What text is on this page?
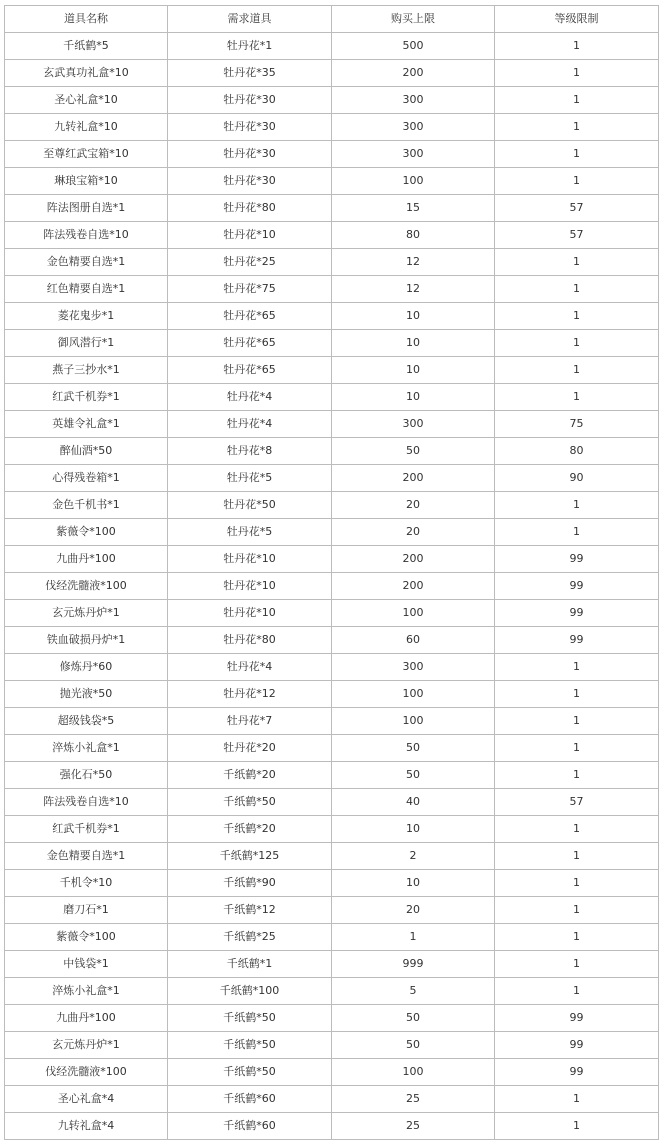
道具名称	需求道具	购买上限	等级限制
千纸鹤*5	牡丹花*1	500	1
玄武真功礼盒*10	牡丹花*35	200	1
圣心礼盒*10	牡丹花*30	300	1
九转礼盒*10	牡丹花*30	300	1
至尊红武宝箱*10	牡丹花*30	300	1
琳琅宝箱*10	牡丹花*30	100	1
阵法图册自选*1	牡丹花*80	15	57
阵法残卷自选*10	牡丹花*10	80	57
金色精要自选*1	牡丹花*25	12	1
红色精要自选*1	牡丹花*75	12	1
菱花鬼步*1	牡丹花*65	10	1
御风潜行*1	牡丹花*65	10	1
燕子三抄水*1	牡丹花*65	10	1
红武千机券*1	牡丹花*4	10	1
英雄令礼盒*1	牡丹花*4	300	75
醉仙酒*50	牡丹花*8	50	80
心得残卷箱*1	牡丹花*5	200	90
金色千机书*1	牡丹花*50	20	1
紫薇令*100	牡丹花*5	20	1
九曲丹*100	牡丹花*10	200	99
伐经洗髓液*100	牡丹花*10	200	99
玄元炼丹炉*1	牡丹花*10	100	99
铁血破损丹炉*1	牡丹花*80	60	99
修炼丹*60	牡丹花*4	300	1
抛光液*50	牡丹花*12	100	1
超级钱袋*5	牡丹花*7	100	1
淬炼小礼盒*1	牡丹花*20	50	1
强化石*50	千纸鹤*20	50	1
阵法残卷自选*10	千纸鹤*50	40	57
红武千机券*1	千纸鹤*20	10	1
金色精要自选*1	千纸鹤*125	2	1
千机令*10	千纸鹤*90	10	1
磨刀石*1	千纸鹤*12	20	1
紫薇令*100	千纸鹤*25	1	1
中钱袋*1	千纸鹤*1	999	1
淬炼小礼盒*1	千纸鹤*100	5	1
九曲丹*100	千纸鹤*50	50	99
玄元炼丹炉*1	千纸鹤*50	50	99
伐经洗髓液*100	千纸鹤*50	100	99
圣心礼盒*4	千纸鹤*60	25	1
九转礼盒*4	千纸鹤*60	25	1
